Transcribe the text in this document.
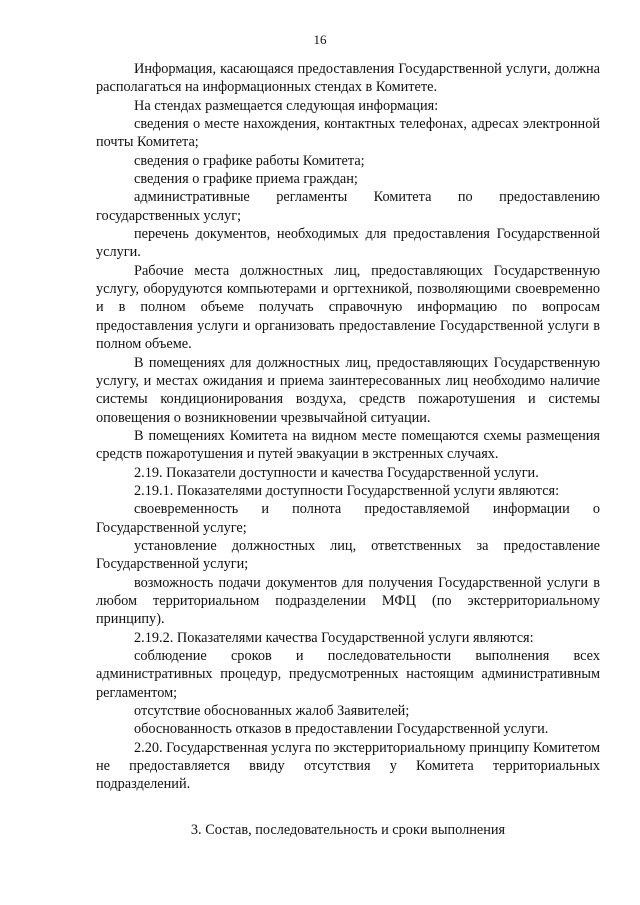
16

Информация, касающаяся предоставления Государственной услуги, должна располагаться на информационных стендах в Комитете.

На стендах размещается следующая информация:

сведения о месте нахождения, контактных телефонах, адресах электронной почты Комитета;

сведения о графике работы Комитета;

сведения о графике приема граждан;

административные регламенты Комитета по предоставлению государственных услуг;

перечень документов, необходимых для предоставления Государственной услуги.

Рабочие места должностных лиц, предоставляющих Государственную услугу, оборудуются компьютерами и оргтехникой, позволяющими своевременно и в полном объеме получать справочную информацию по вопросам предоставления услуги и организовать предоставление Государственной услуги в полном объеме.

В помещениях для должностных лиц, предоставляющих Государственную услугу, и местах ожидания и приема заинтересованных лиц необходимо наличие системы кондиционирования воздуха, средств пожаротушения и системы оповещения о возникновении чрезвычайной ситуации.

В помещениях Комитета на видном месте помещаются схемы размещения средств пожаротушения и путей эвакуации в экстренных случаях.

2.19. Показатели доступности и качества Государственной услуги.

2.19.1. Показателями доступности Государственной услуги являются:

своевременность и полнота предоставляемой информации о Государственной услуге;

установление должностных лиц, ответственных за предоставление Государственной услуги;

возможность подачи документов для получения Государственной услуги в любом территориальном подразделении МФЦ (по экстерриториальному принципу).

2.19.2. Показателями качества Государственной услуги являются:

соблюдение сроков и последовательности выполнения всех административных процедур, предусмотренных настоящим административным регламентом;

отсутствие обоснованных жалоб Заявителей;

обоснованность отказов в предоставлении Государственной услуги.

2.20. Государственная услуга по экстерриториальному принципу Комитетом не предоставляется ввиду отсутствия у Комитета территориальных подразделений.

3. Состав, последовательность и сроки выполнения
